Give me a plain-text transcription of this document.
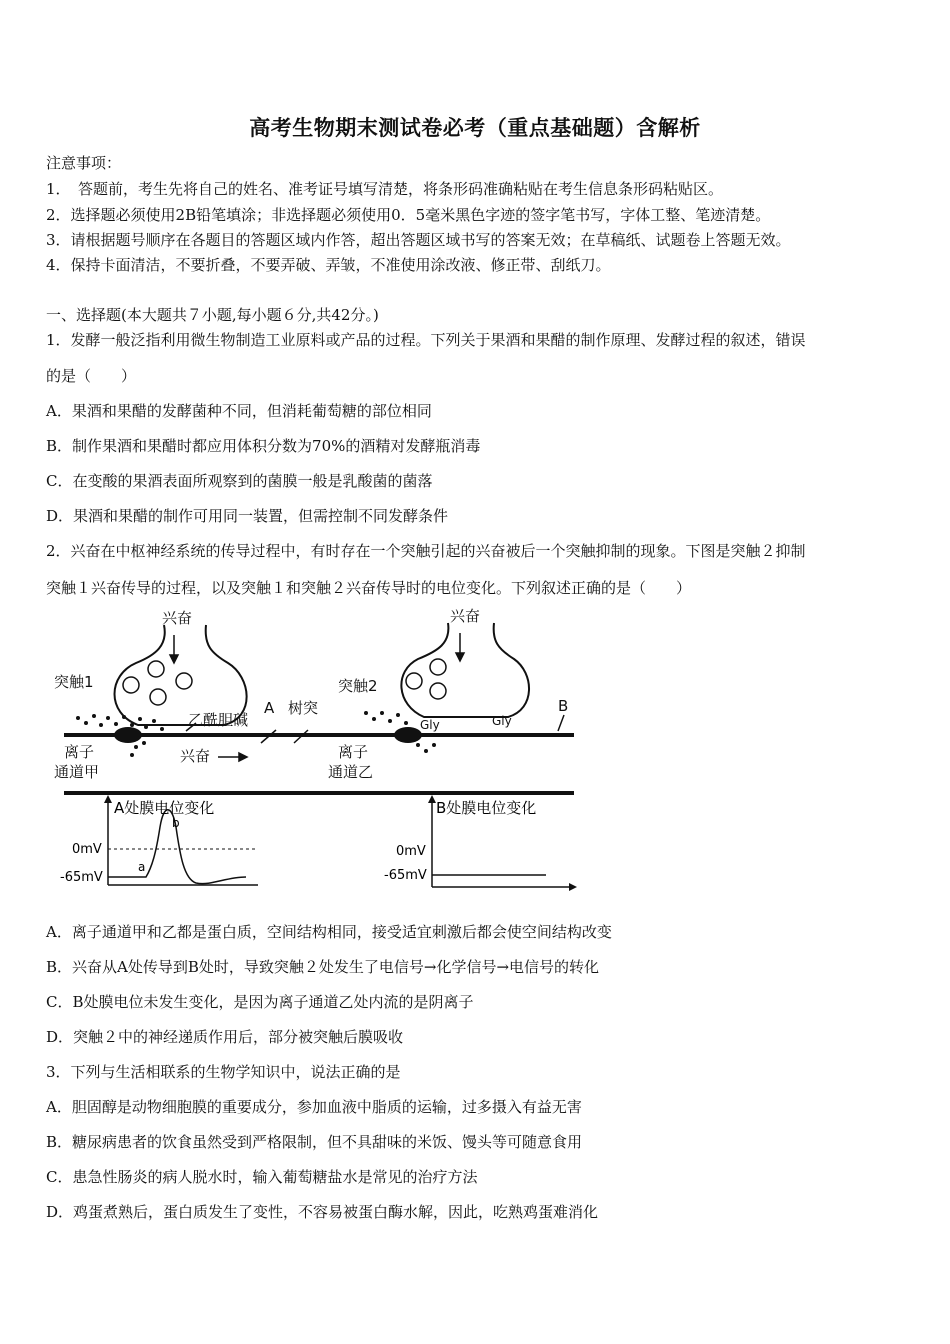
高考生物期末测试卷必考（重点基础题）含解析
注意事项：
1．　答题前，考生先将自己的姓名、准考证号填写清楚，将条形码准确粘贴在考生信息条形码粘贴区。
2．选择题必须使用2B铅笔填涂；非选择题必须使用0．5毫米黑色字迹的签字笔书写，字体工整、笔迹清楚。
3．请根据题号顺序在各题目的答题区域内作答，超出答题区域书写的答案无效；在草稿纸、试题卷上答题无效。
4．保持卡面清洁，不要折叠，不要弄破、弄皱，不准使用涂改液、修正带、刮纸刀。
一、选择题(本大题共７小题,每小题６分,共42分。)
1．发酵一般泛指利用微生物制造工业原料或产品的过程。下列关于果酒和果醋的制作原理、发酵过程的叙述，错误
的是（　　）
A．果酒和果醋的发酵菌种不同，但消耗葡萄糖的部位相同
B．制作果酒和果醋时都应用体积分数为70%的酒精对发酵瓶消毒
C．在变酸的果酒表面所观察到的菌膜一般是乳酸菌的菌落
D．果酒和果醋的制作可用同一装置，但需控制不同发酵条件
2．兴奋在中枢神经系统的传导过程中，有时存在一个突触引起的兴奋被后一个突触抑制的现象。下图是突触２抑制
突触１兴奋传导的过程，以及突触１和突触２兴奋传导时的电位变化。下列叙述正确的是（　　）
兴奋	兴奋
突触1	突触2
乙酰胆碱
A 树突	B
Gly	Gly
离子
通道甲
离子
通道乙
兴奋
A处膜电位变化
0mV
-65mV
a
b
B处膜电位变化
0mV
-65mV
A．离子通道甲和乙都是蛋白质，空间结构相同，接受适宜刺激后都会使空间结构改变
B．兴奋从A处传导到B处时，导致突触２处发生了电信号→化学信号→电信号的转化
C．B处膜电位未发生变化，是因为离子通道乙处内流的是阴离子
D．突触２中的神经递质作用后，部分被突触后膜吸收
3．下列与生活相联系的生物学知识中，说法正确的是
A．胆固醇是动物细胞膜的重要成分，参加血液中脂质的运输，过多摄入有益无害
B．糖尿病患者的饮食虽然受到严格限制，但不具甜味的米饭、馒头等可随意食用
C．患急性肠炎的病人脱水时，输入葡萄糖盐水是常见的治疗方法
D．鸡蛋煮熟后，蛋白质发生了变性，不容易被蛋白酶水解，因此，吃熟鸡蛋难消化
